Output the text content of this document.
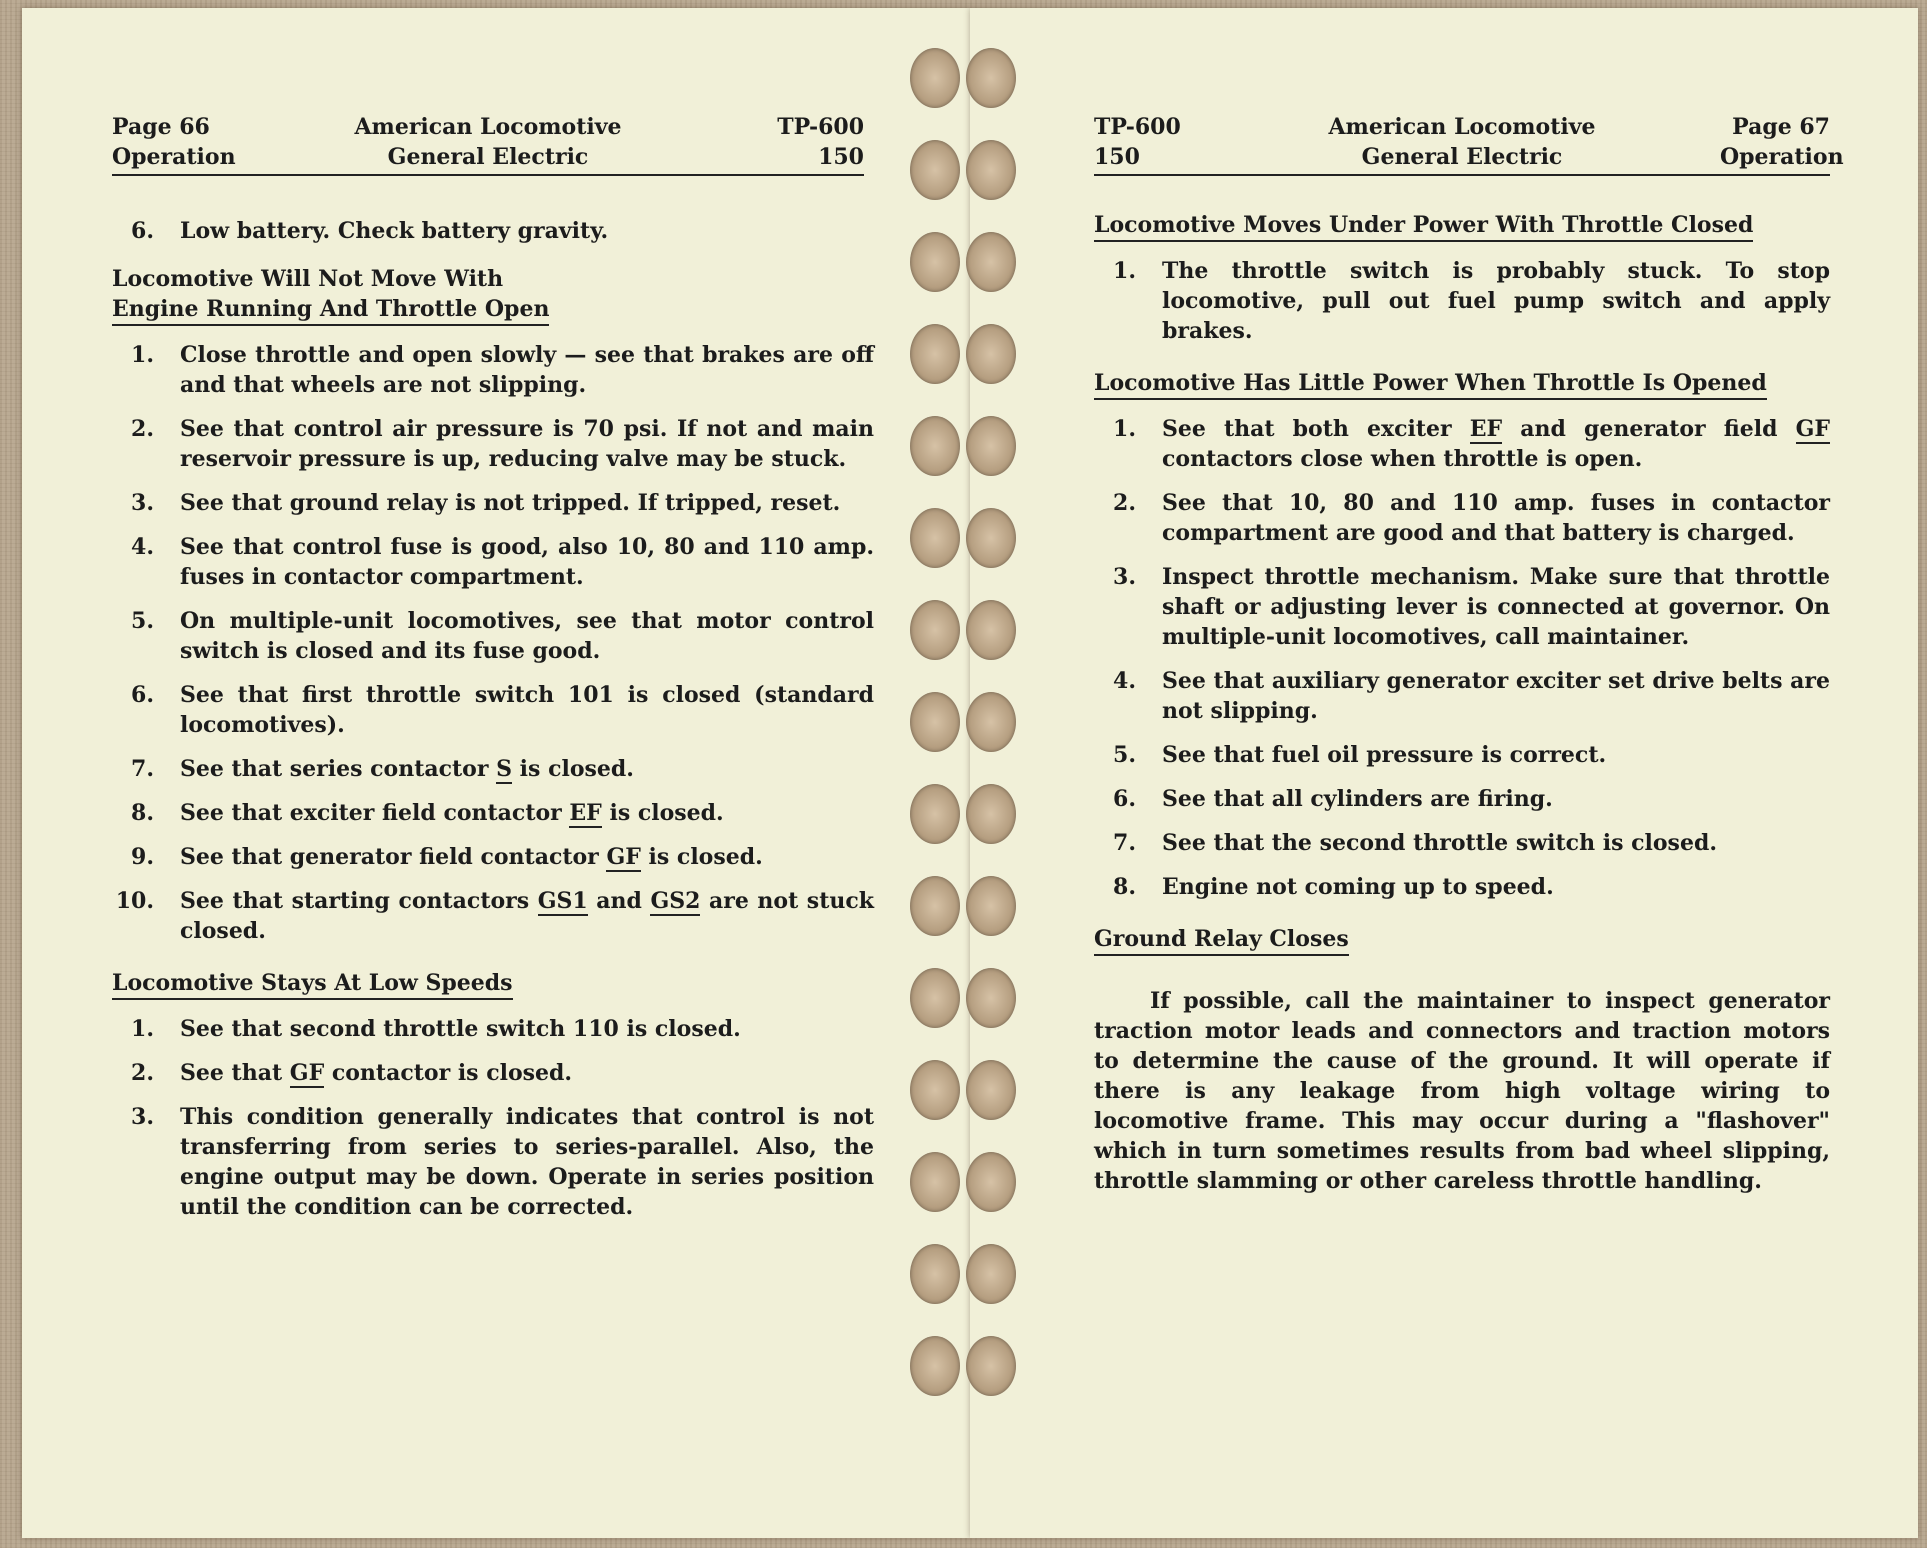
Page 66	American Locomotive	TP-600
Operation	General Electric	150
6.	Low battery. Check battery gravity.
Locomotive Will Not Move With
Engine Running And Throttle Open
1.	Close throttle and open slowly — see that brakes are off and that wheels are not slipping.
2.	See that control air pressure is 70 psi. If not and main reservoir pressure is up, reducing valve may be stuck.
3.	See that ground relay is not tripped. If tripped, reset.
4.	See that control fuse is good, also 10, 80 and 110 amp. fuses in contactor compartment.
5.	On multiple-unit locomotives, see that motor control switch is closed and its fuse good.
6.	See that first throttle switch 101 is closed (standard locomotives).
7.	See that series contactor S is closed.
8.	See that exciter field contactor EF is closed.
9.	See that generator field contactor GF is closed.
10.	See that starting contactors GS1 and GS2 are not stuck closed.
Locomotive Stays At Low Speeds
1.	See that second throttle switch 110 is closed.
2.	See that GF contactor is closed.
3.	This condition generally indicates that control is not transferring from series to series-parallel. Also, the engine output may be down. Operate in series position until the condition can be corrected.
TP-600	American Locomotive	Page 67
150	General Electric	Operation
Locomotive Moves Under Power With Throttle Closed
1.	The throttle switch is probably stuck. To stop locomotive, pull out fuel pump switch and apply brakes.
Locomotive Has Little Power When Throttle Is Opened
1.	See that both exciter EF and generator field GF contactors close when throttle is open.
2.	See that 10, 80 and 110 amp. fuses in contactor compartment are good and that battery is charged.
3.	Inspect throttle mechanism. Make sure that throttle shaft or adjusting lever is connected at governor. On multiple-unit locomotives, call maintainer.
4.	See that auxiliary generator exciter set drive belts are not slipping.
5.	See that fuel oil pressure is correct.
6.	See that all cylinders are firing.
7.	See that the second throttle switch is closed.
8.	Engine not coming up to speed.
Ground Relay Closes

If possible, call the maintainer to inspect generator traction motor leads and connectors and traction motors to determine the cause of the ground. It will operate if there is any leakage from high voltage wiring to locomotive frame. This may occur during a "flashover" which in turn sometimes results from bad wheel slipping, throttle slamming or other careless throttle handling.
